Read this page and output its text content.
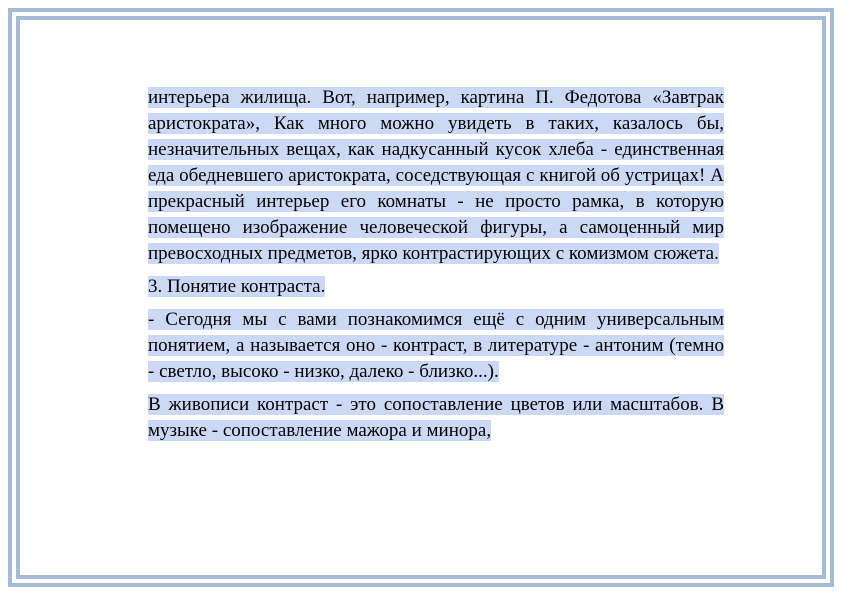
интерьера жилища. Вот, например, картина П. Федотова «Завтрак аристократа», Как много можно увидеть в таких, казалось бы, незначительных вещах, как надкусанный кусок хлеба - единственная еда обедневшего аристократа, соседствующая с книгой об устрицах! А прекрасный интерьер его комнаты - не просто рамка, в которую помещено изображение человеческой фигуры, а самоценный мир превосходных предметов, ярко контрастирующих с комизмом сюжета.

3. Понятие контраста.

- Сегодня мы с вами познакомимся ещё с одним универсальным понятием, а называется оно - контраст, в литературе - антоним (темно - светло, высоко - низко, далеко - близко...).

В живописи контраст - это сопоставление цветов или масштабов. В музыке - сопоставление мажора и минора,
